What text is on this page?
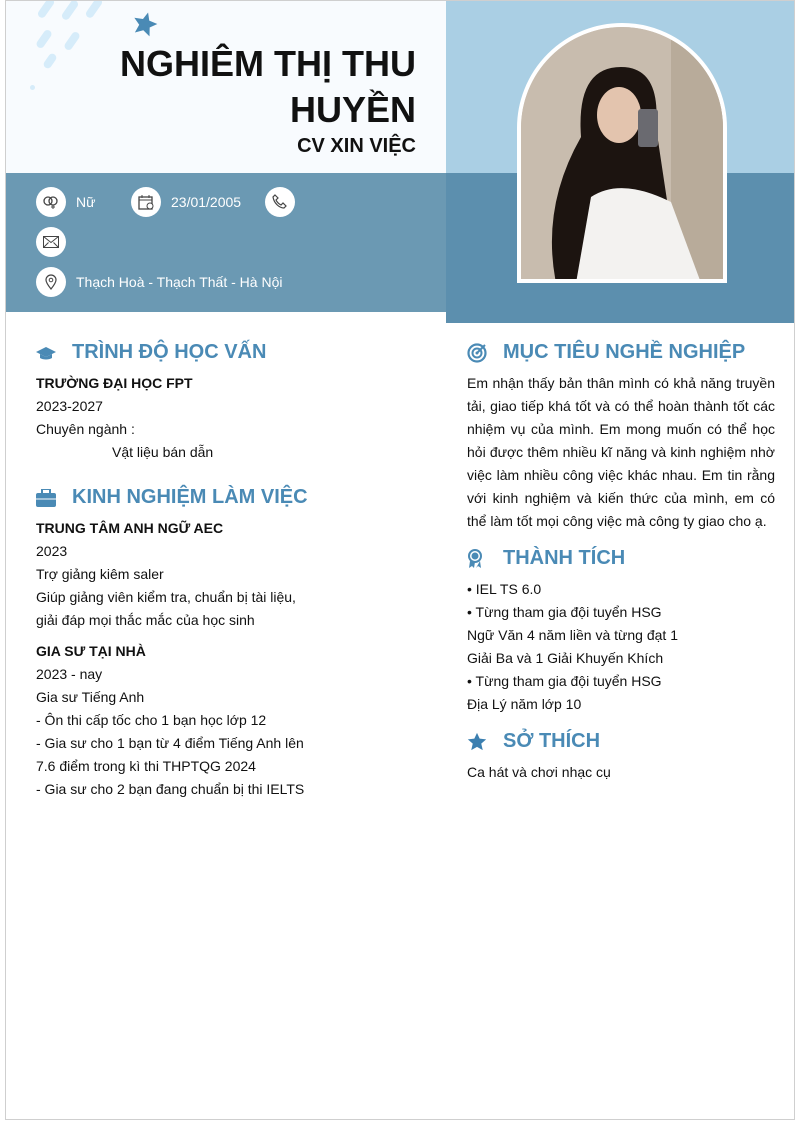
NGHIÊM THỊ THU HUYỀN
CV XIN VIỆC
Nữ	23/01/2005
Thạch Hoà - Thạch Thất - Hà Nội
TRÌNH ĐỘ HỌC VẤN
TRƯỜNG ĐẠI HỌC FPT
2023-2027
Chuyên ngành :
Vật liệu bán dẫn
KINH NGHIỆM LÀM VIỆC
TRUNG TÂM ANH NGỮ AEC
2023
Trợ giảng kiêm saler
Giúp giảng viên kiểm tra, chuẩn bị tài liệu,
giải đáp mọi thắc mắc của học sinh
GIA SƯ TẠI NHÀ
2023 - nay
Gia sư Tiếng Anh
- Ôn thi cấp tốc cho 1 bạn học lớp 12
- Gia sư cho 1 bạn từ 4 điểm Tiếng Anh lên
7.6 điểm trong kì thi THPTQG 2024
- Gia sư cho 2 bạn đang chuẩn bị thi IELTS
MỤC TIÊU NGHỀ NGHIỆP
Em nhận thấy bản thân mình có khả năng truyền tải, giao tiếp khá tốt và có thể hoàn thành tốt các nhiệm vụ của mình. Em mong muốn có thể học hỏi được thêm nhiều kĩ năng và kinh nghiệm nhờ việc làm nhiều công việc khác nhau. Em tin rằng với kinh nghiệm và kiến thức của mình, em có thể làm tốt mọi công việc mà công ty giao cho ạ.
THÀNH TÍCH
• IEL TS 6.0
• Từng tham gia đội tuyển HSG
Ngữ Văn 4 năm liền và từng đạt 1
Giải Ba và 1 Giải Khuyến Khích
• Từng tham gia đội tuyển HSG
Địa Lý năm lớp 10
SỞ THÍCH
Ca hát và chơi nhạc cụ
